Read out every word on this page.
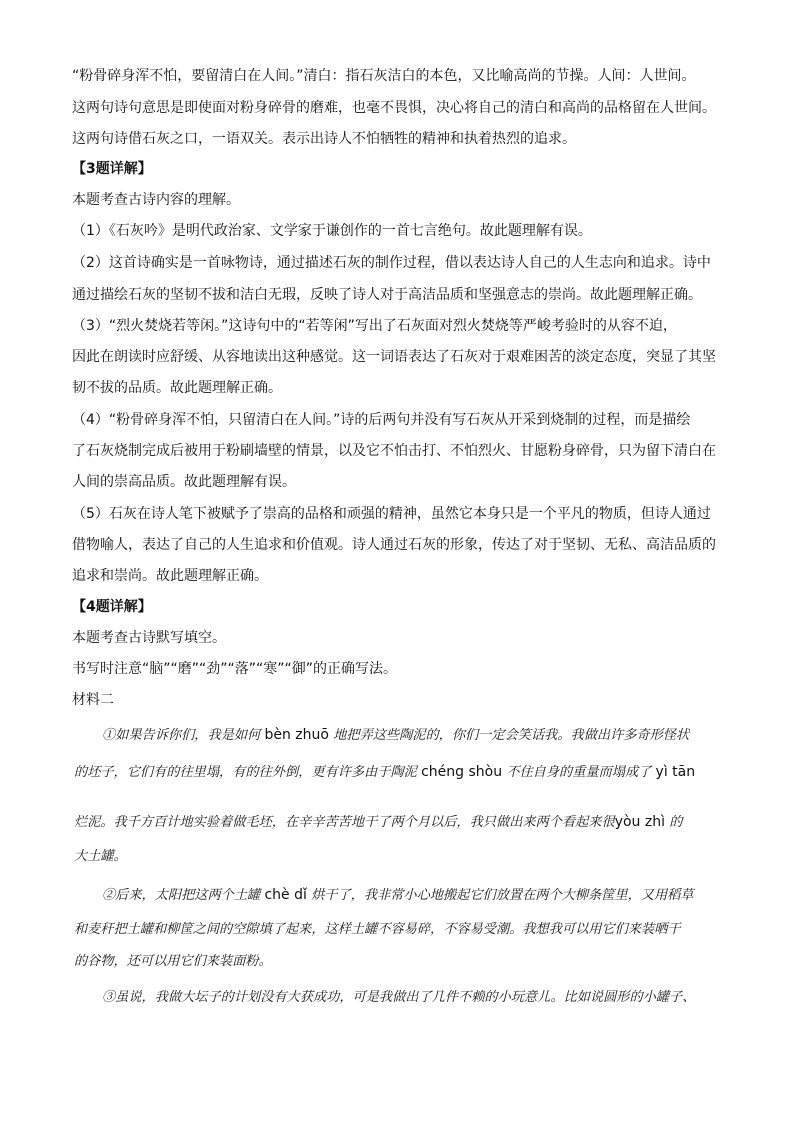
“粉骨碎身浑不怕，要留清白在人间。”清白：指石灰洁白的本色，又比喻高尚的节操。人间：人世间。

这两句诗句意思是即使面对粉身碎骨的磨难，也毫不畏惧，决心将自己的清白和高尚的品格留在人世间。

这两句诗借石灰之口，一语双关。表示出诗人不怕牺牲的精神和执着热烈的追求。

【3题详解】

本题考查古诗内容的理解。

（1）《石灰吟》是明代政治家、文学家于谦创作的一首七言绝句。故此题理解有误。

（2）这首诗确实是一首咏物诗，通过描述石灰的制作过程，借以表达诗人自己的人生志向和追求。诗中

通过描绘石灰的坚韧不拔和洁白无瑕，反映了诗人对于高洁品质和坚强意志的崇尚。故此题理解正确。

（3）“烈火焚烧若等闲。”这诗句中的“若等闲”写出了石灰面对烈火焚烧等严峻考验时的从容不迫，

因此在朗读时应舒缓、从容地读出这种感觉。这一词语表达了石灰对于艰难困苦的淡定态度，突显了其坚

韧不拔的品质。故此题理解正确。

（4）“粉骨碎身浑不怕，只留清白在人间。”诗的后两句并没有写石灰从开采到烧制的过程，而是描绘

了石灰烧制完成后被用于粉刷墙壁的情景，以及它不怕击打、不怕烈火、甘愿粉身碎骨，只为留下清白在

人间的崇高品质。故此题理解有误。

（5）石灰在诗人笔下被赋予了崇高的品格和顽强的精神，虽然它本身只是一个平凡的物质，但诗人通过

借物喻人，表达了自己的人生追求和价值观。诗人通过石灰的形象，传达了对于坚韧、无私、高洁品质的

追求和崇尚。故此题理解正确。

【4题详解】

本题考查古诗默写填空。

书写时注意“脑”“磨”“劲”“落”“寒”“御”的正确写法。

材料二

①如果告诉你们，我是如何 bèn zhuō 地把弄这些陶泥的，你们一定会笑话我。我做出许多奇形怪状

的坯子，它们有的往里塌，有的往外倒，更有许多由于陶泥 chéng shòu 不住自身的重量而塌成了 yì tān

烂泥。我千方百计地实验着做毛坯，在辛辛苦苦地干了两个月以后，我只做出来两个看起来很yòu zhì 的

大土罐。

②后来，太阳把这两个土罐 chè dǐ 烘干了，我非常小心地搬起它们放置在两个大柳条筐里，又用稻草

和麦秆把土罐和柳筐之间的空隙填了起来，这样土罐不容易碎，不容易受潮。我想我可以用它们来装晒干

的谷物，还可以用它们来装面粉。

③虽说，我做大坛子的计划没有大获成功，可是我做出了几件不赖的小玩意儿。比如说圆形的小罐子、
